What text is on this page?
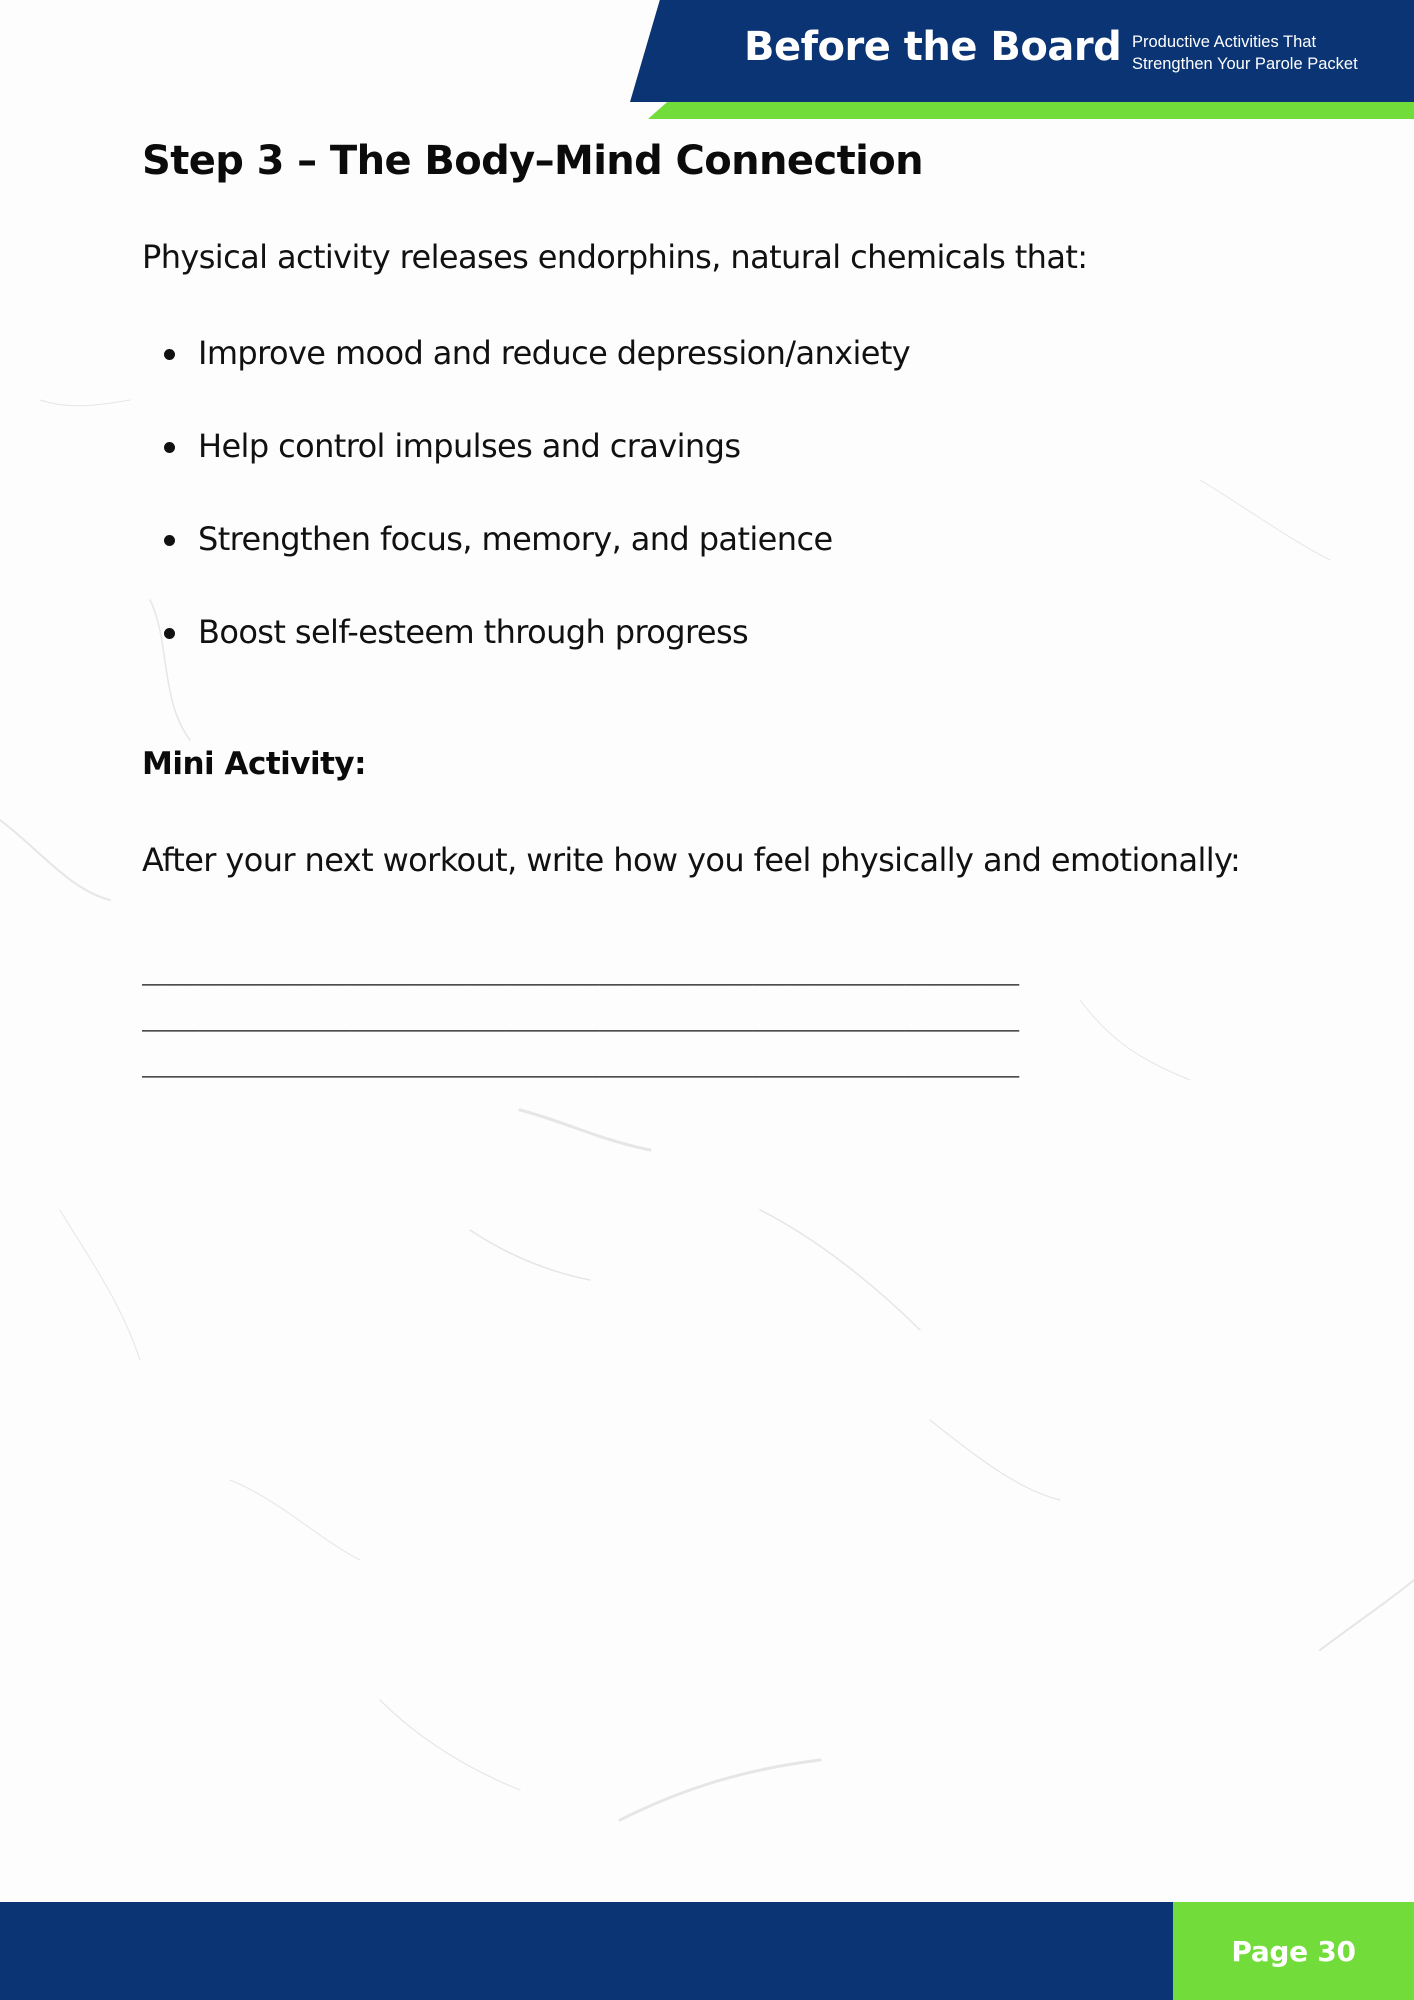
Before the Board Productive Activities That
Strengthen Your Parole Packet
Step 3 – The Body–Mind Connection

Physical activity releases endorphins, natural chemicals that:

Improve mood and reduce depression/anxiety
Help control impulses and cravings
Strengthen focus, memory, and patience
Boost self-esteem through progress
Mini Activity:

After your next workout, write how you feel physically and emotionally:

______________________________________________
______________________________________________
______________________________________________
Page 30
